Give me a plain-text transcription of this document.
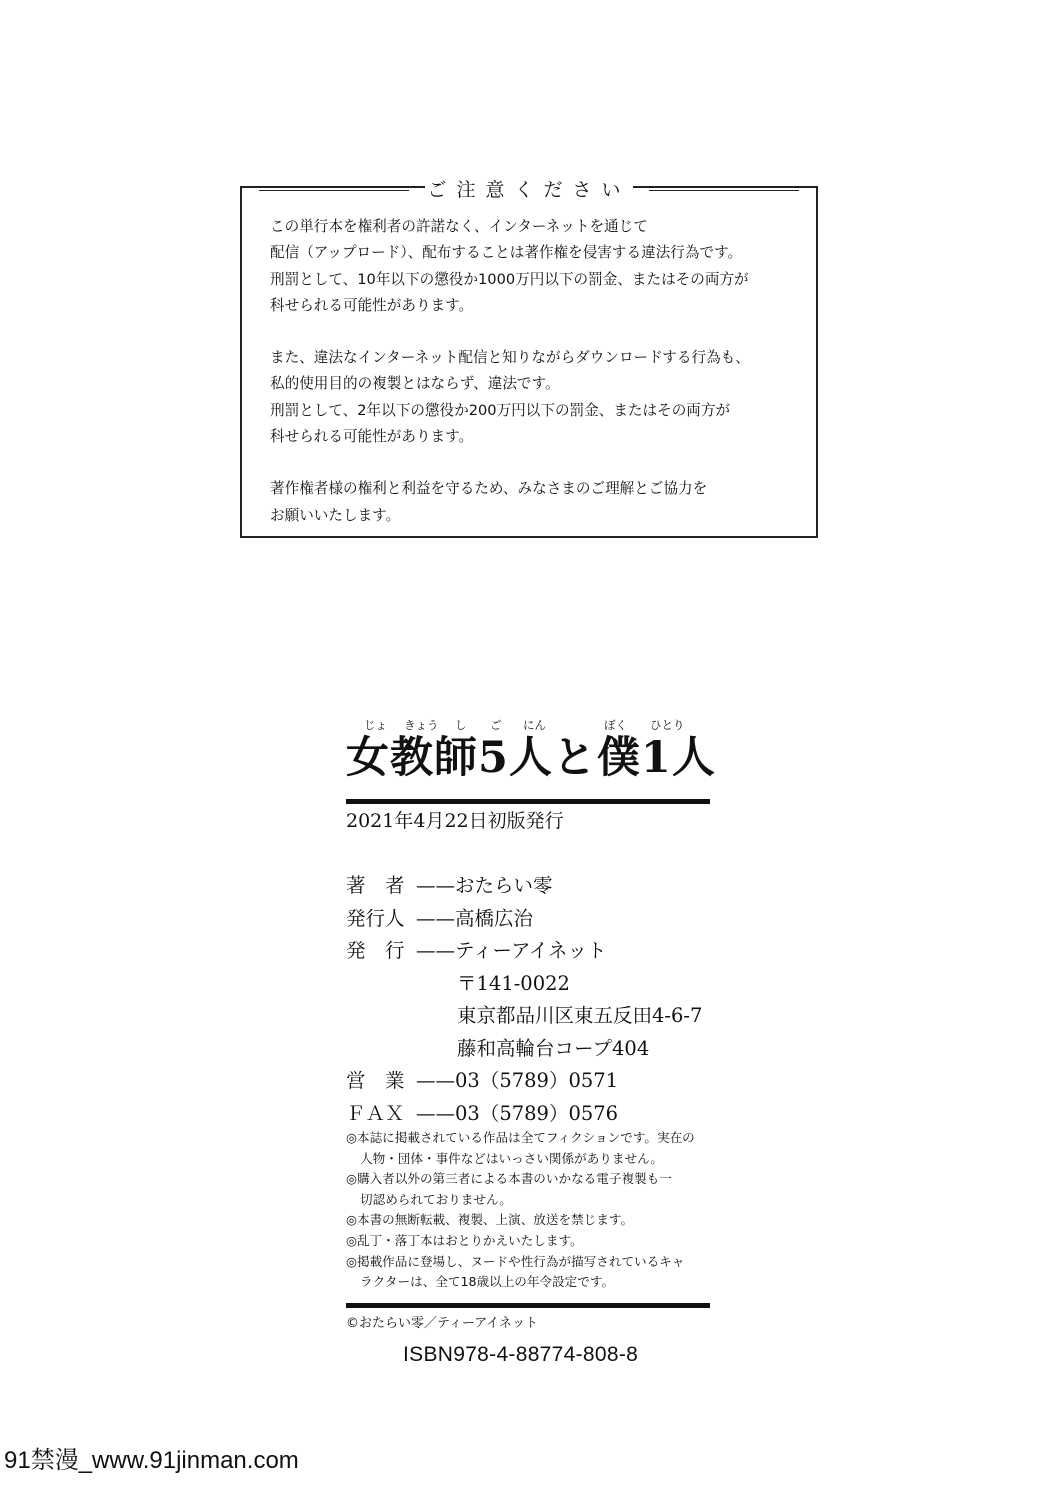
ご注意ください

この単行本を権利者の許諾なく、インターネットを通じて

配信（アップロード）、配布することは著作権を侵害する違法行為です。

刑罰として、10年以下の懲役か1000万円以下の罰金、またはその両方が

科せられる可能性があります。

また、違法なインターネット配信と知りながらダウンロードする行為も、

私的使用目的の複製とはならず、違法です。

刑罰として、2年以下の懲役か200万円以下の罰金、またはその両方が

科せられる可能性があります。

著作権者様の権利と利益を守るため、みなさまのご理解とご協力を

お願いいたします。

じょ きょう し ご にん	ぼく ひとり
女教師5人と僕1人
2021年4月22日初版発行
著　者 —— おたらい零
発行人 —— 高橋広治
発　行 —— ティーアイネット
〒141-0022
東京都品川区東五反田4-6-7
藤和高輪台コープ404
営　業 —— 03（5789）0571
ＦＡＸ —— 03（5789）0576

◎本誌に掲載されている作品は全てフィクションです。実在の

人物・団体・事件などはいっさい関係がありません。

◎購入者以外の第三者による本書のいかなる電子複製も一

切認められておりません。

◎本書の無断転載、複製、上演、放送を禁じます。

◎乱丁・落丁本はおとりかえいたします。

◎掲載作品に登場し、ヌードや性行為が描写されているキャ

ラクターは、全て18歳以上の年令設定です。

©おたらい零／ティーアイネット
ISBN978-4-88774-808-8
91禁漫_www.91jinman.com
